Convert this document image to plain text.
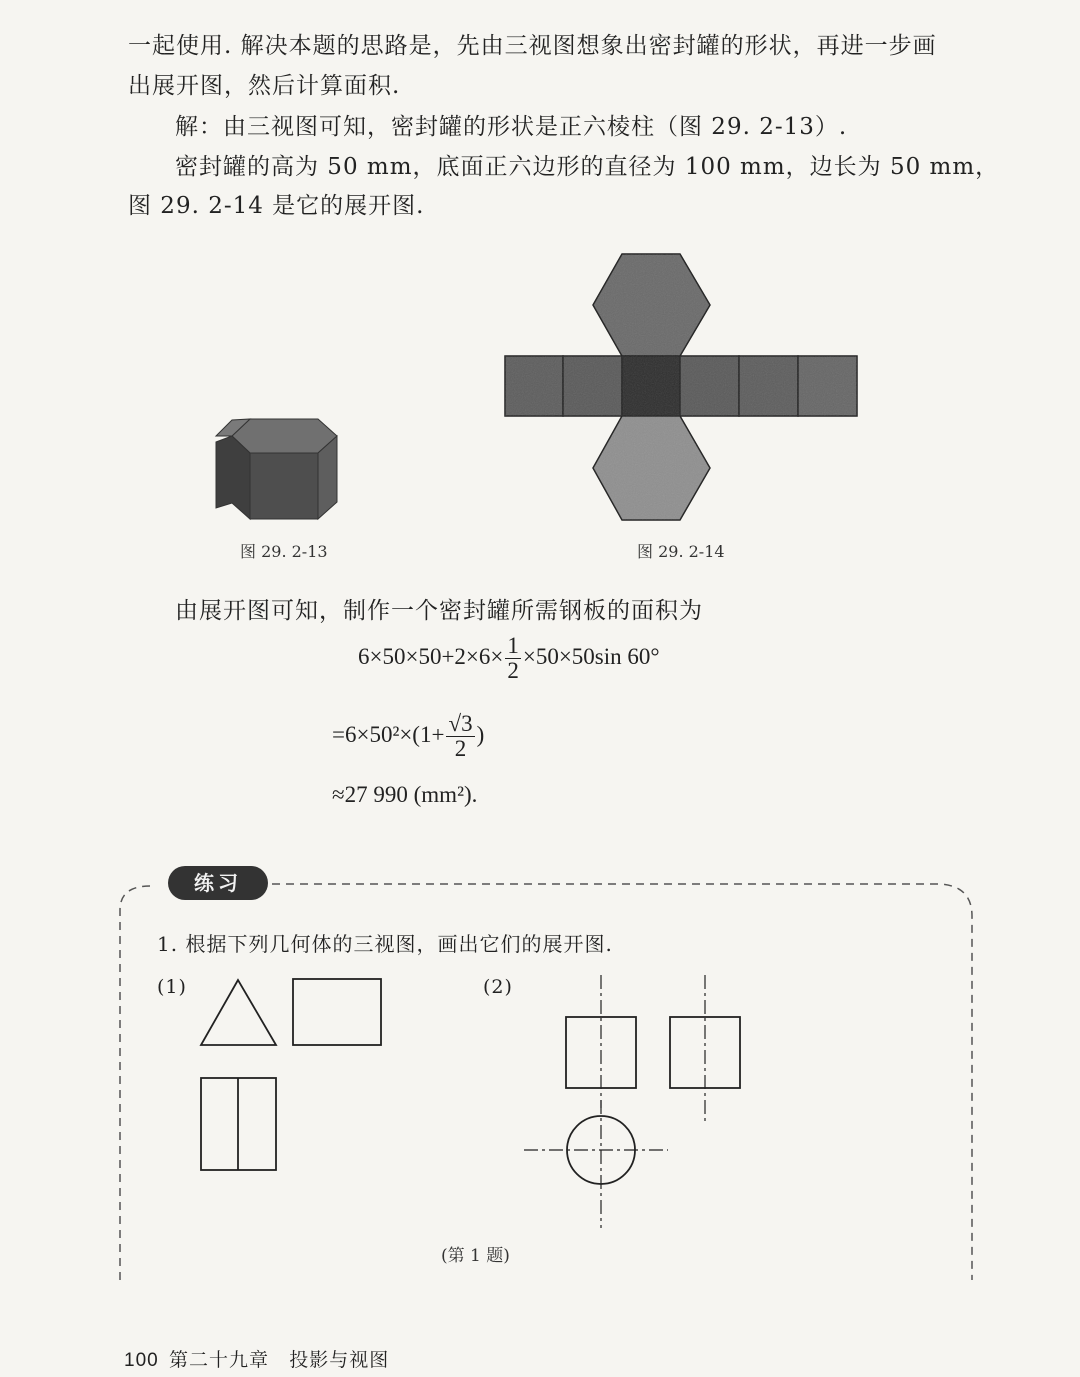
一起使用. 解决本题的思路是，先由三视图想象出密封罐的形状，再进一步画
出展开图，然后计算面积.
解：由三视图可知，密封罐的形状是正六棱柱（图 29. 2-13）.
密封罐的高为 50 mm，底面正六边形的直径为 100 mm，边长为 50 mm，
图 29. 2-14 是它的展开图.
图 29. 2-13	图 29. 2-14
由展开图可知，制作一个密封罐所需钢板的面积为
$6\times 50\times 50+2\times 6\times \frac{1}{2} \times 50\times 50\sin$ 60°
$=6\times 50^2\times(1+ \frac{√3}{2}$ )
≈27 990 (mm²).
练习
1. 根据下列几何体的三视图，画出它们的展开图.
(1)	(2)
(第 1 题)
100 第二十九章 投影与视图
